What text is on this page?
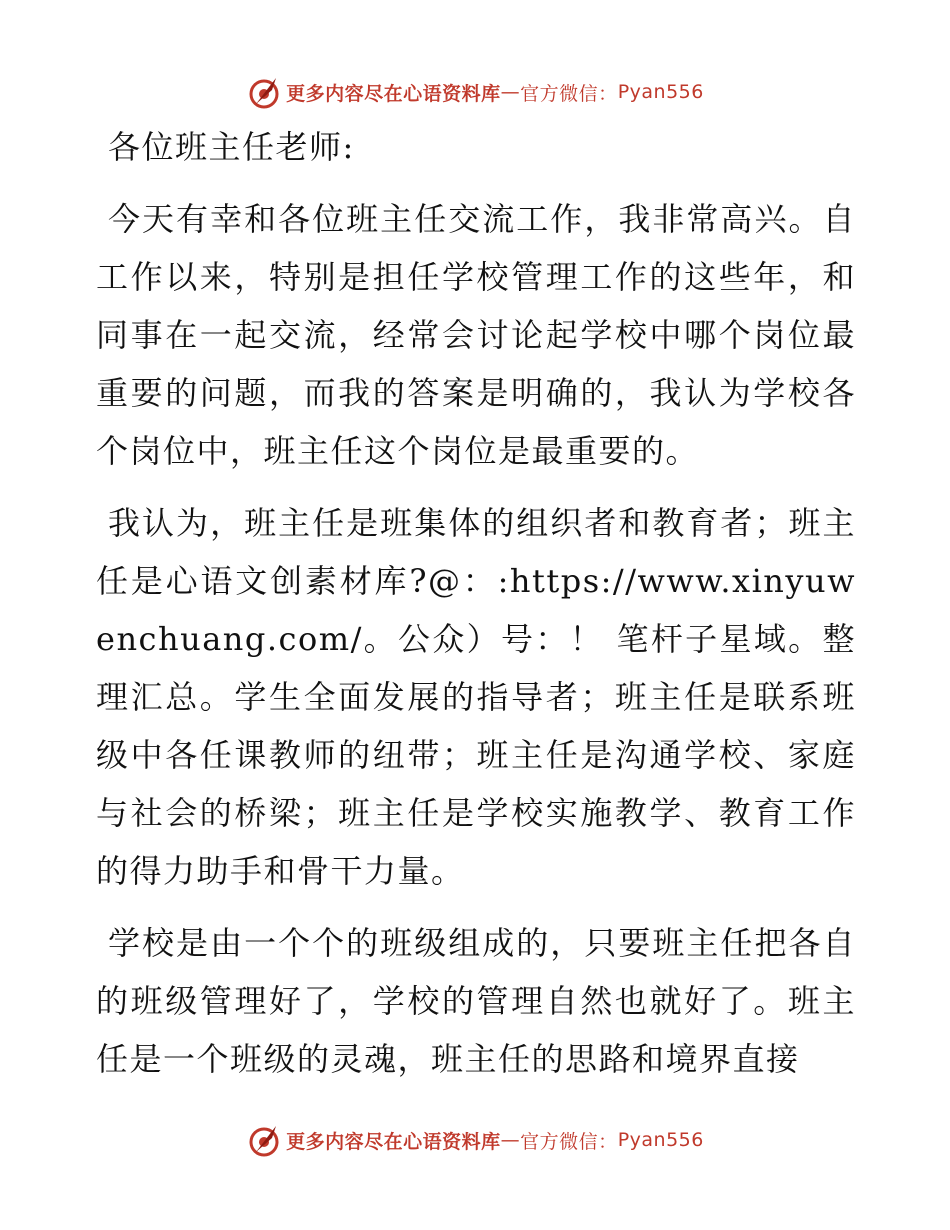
更多内容尽在心语资料库 — 官方微信： Pyan556

各位班主任老师:

今天有幸和各位班主任交流工作，我非常高兴。自工作以来，特别是担任学校管理工作的这些年，和同事在一起交流，经常会讨论起学校中哪个岗位最重要的问题，而我的答案是明确的，我认为学校各个岗位中，班主任这个岗位是最重要的。

我认为，班主任是班集体的组织者和教育者；班主任是心语文创素材库?@：:https://www.xinyuwenchuang.com/。公众）号：！ 笔杆子星域。整理汇总。学生全面发展的指导者；班主任是联系班级中各任课教师的纽带；班主任是沟通学校、家庭与社会的桥梁；班主任是学校实施教学、教育工作的得力助手和骨干力量。

学校是由一个个的班级组成的，只要班主任把各自的班级管理好了，学校的管理自然也就好了。班主任是一个班级的灵魂，班主任的思路和境界直接

更多内容尽在心语资料库 — 官方微信： Pyan556
